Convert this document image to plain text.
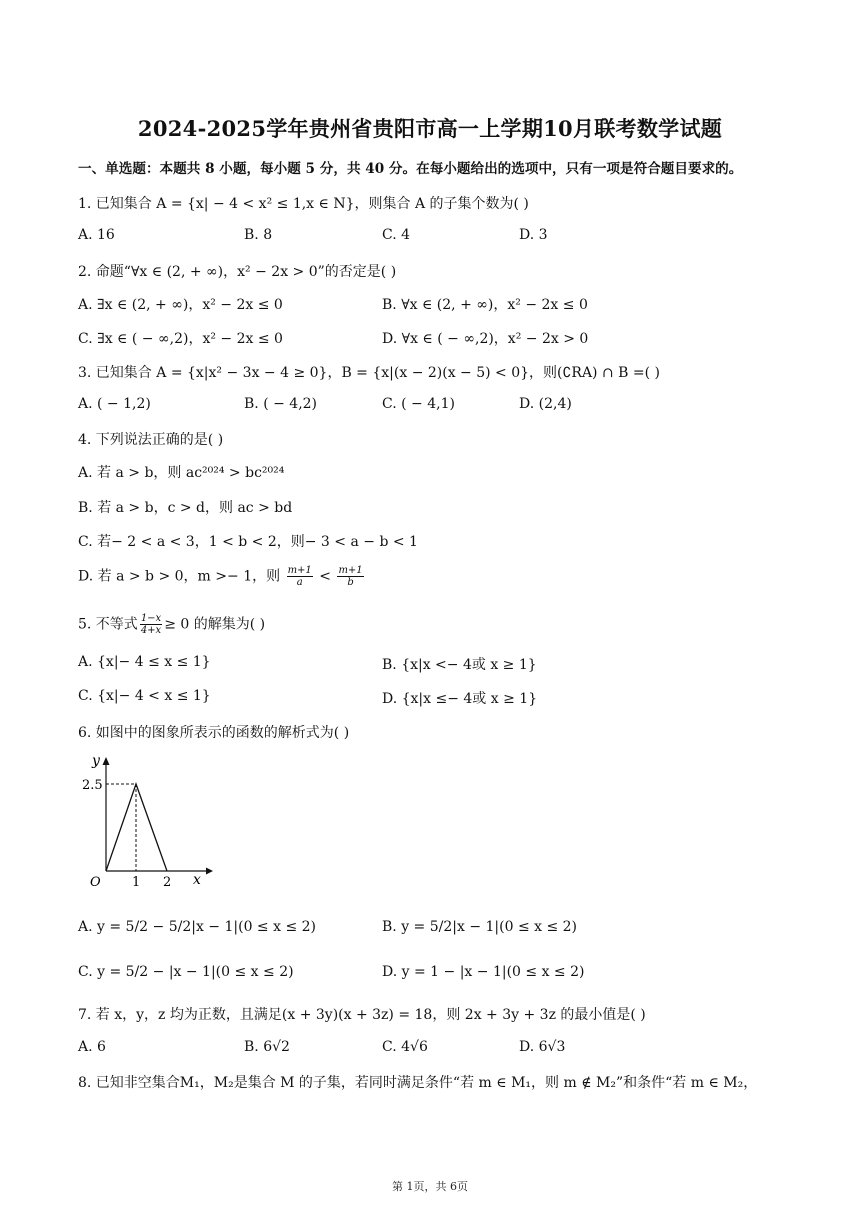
2024-2025学年贵州省贵阳市高一上学期10月联考数学试题
一、单选题：本题共 8 小题，每小题 5 分，共 40 分。在每小题给出的选项中，只有一项是符合题目要求的。
1. 已知集合 A = {x| − 4 < x² ≤ 1,x ∈ N}，则集合 A 的子集个数为( )
A. 16	B. 8	C. 4	D. 3
2. 命题“∀x ∈ (2, + ∞)，x² − 2x > 0”的否定是( )
A. ∃x ∈ (2, + ∞)，x² − 2x ≤ 0	B. ∀x ∈ (2, + ∞)，x² − 2x ≤ 0
C. ∃x ∈ ( − ∞,2)，x² − 2x ≤ 0	D. ∀x ∈ ( − ∞,2)，x² − 2x > 0
3. 已知集合 A = {x|x² − 3x − 4 ≥ 0}，B = {x|(x − 2)(x − 5) < 0}，则(∁RA) ∩ B =( )
A. ( − 1,2)	B. ( − 4,2)	C. ( − 4,1)	D. (2,4)
4. 下列说法正确的是( )
A. 若 a > b，则 ac²⁰²⁴ > bc²⁰²⁴
B. 若 a > b，c > d，则 ac > bd
C. 若− 2 < a < 3，1 < b < 2，则− 3 < a − b < 1
D. 若 a > b > 0，m >− 1，则 $\frac{m+1}{a} < \frac{m+1}{b}$
5. 不等式 $\frac{1-x}{4+x} \ge 0$ 的解集为( )
A. {x|− 4 ≤ x ≤ 1}	B. {x|x <− 4或 x ≥ 1}
C. {x|− 4 < x ≤ 1}	D. {x|x ≤− 4或 x ≥ 1}
6. 如图中的图象所表示的函数的解析式为( )
y
x
O
2.5
1 2
A. y = 5/2 − 5/2|x − 1|(0 ≤ x ≤ 2)	B. y = 5/2|x − 1|(0 ≤ x ≤ 2)
C. y = 5/2 − |x − 1|(0 ≤ x ≤ 2)	D. y = 1 − |x − 1|(0 ≤ x ≤ 2)
7. 若 x，y，z 均为正数，且满足(x + 3y)(x + 3z) = 18，则 2x + 3y + 3z 的最小值是( )
A. 6	B. 6√2	C. 4√6	D. 6√3
8. 已知非空集合M₁，M₂是集合 M 的子集，若同时满足条件“若 m ∈ M₁，则 m ∉ M₂”和条件“若 m ∈ M₂，
第 1页，共 6页
